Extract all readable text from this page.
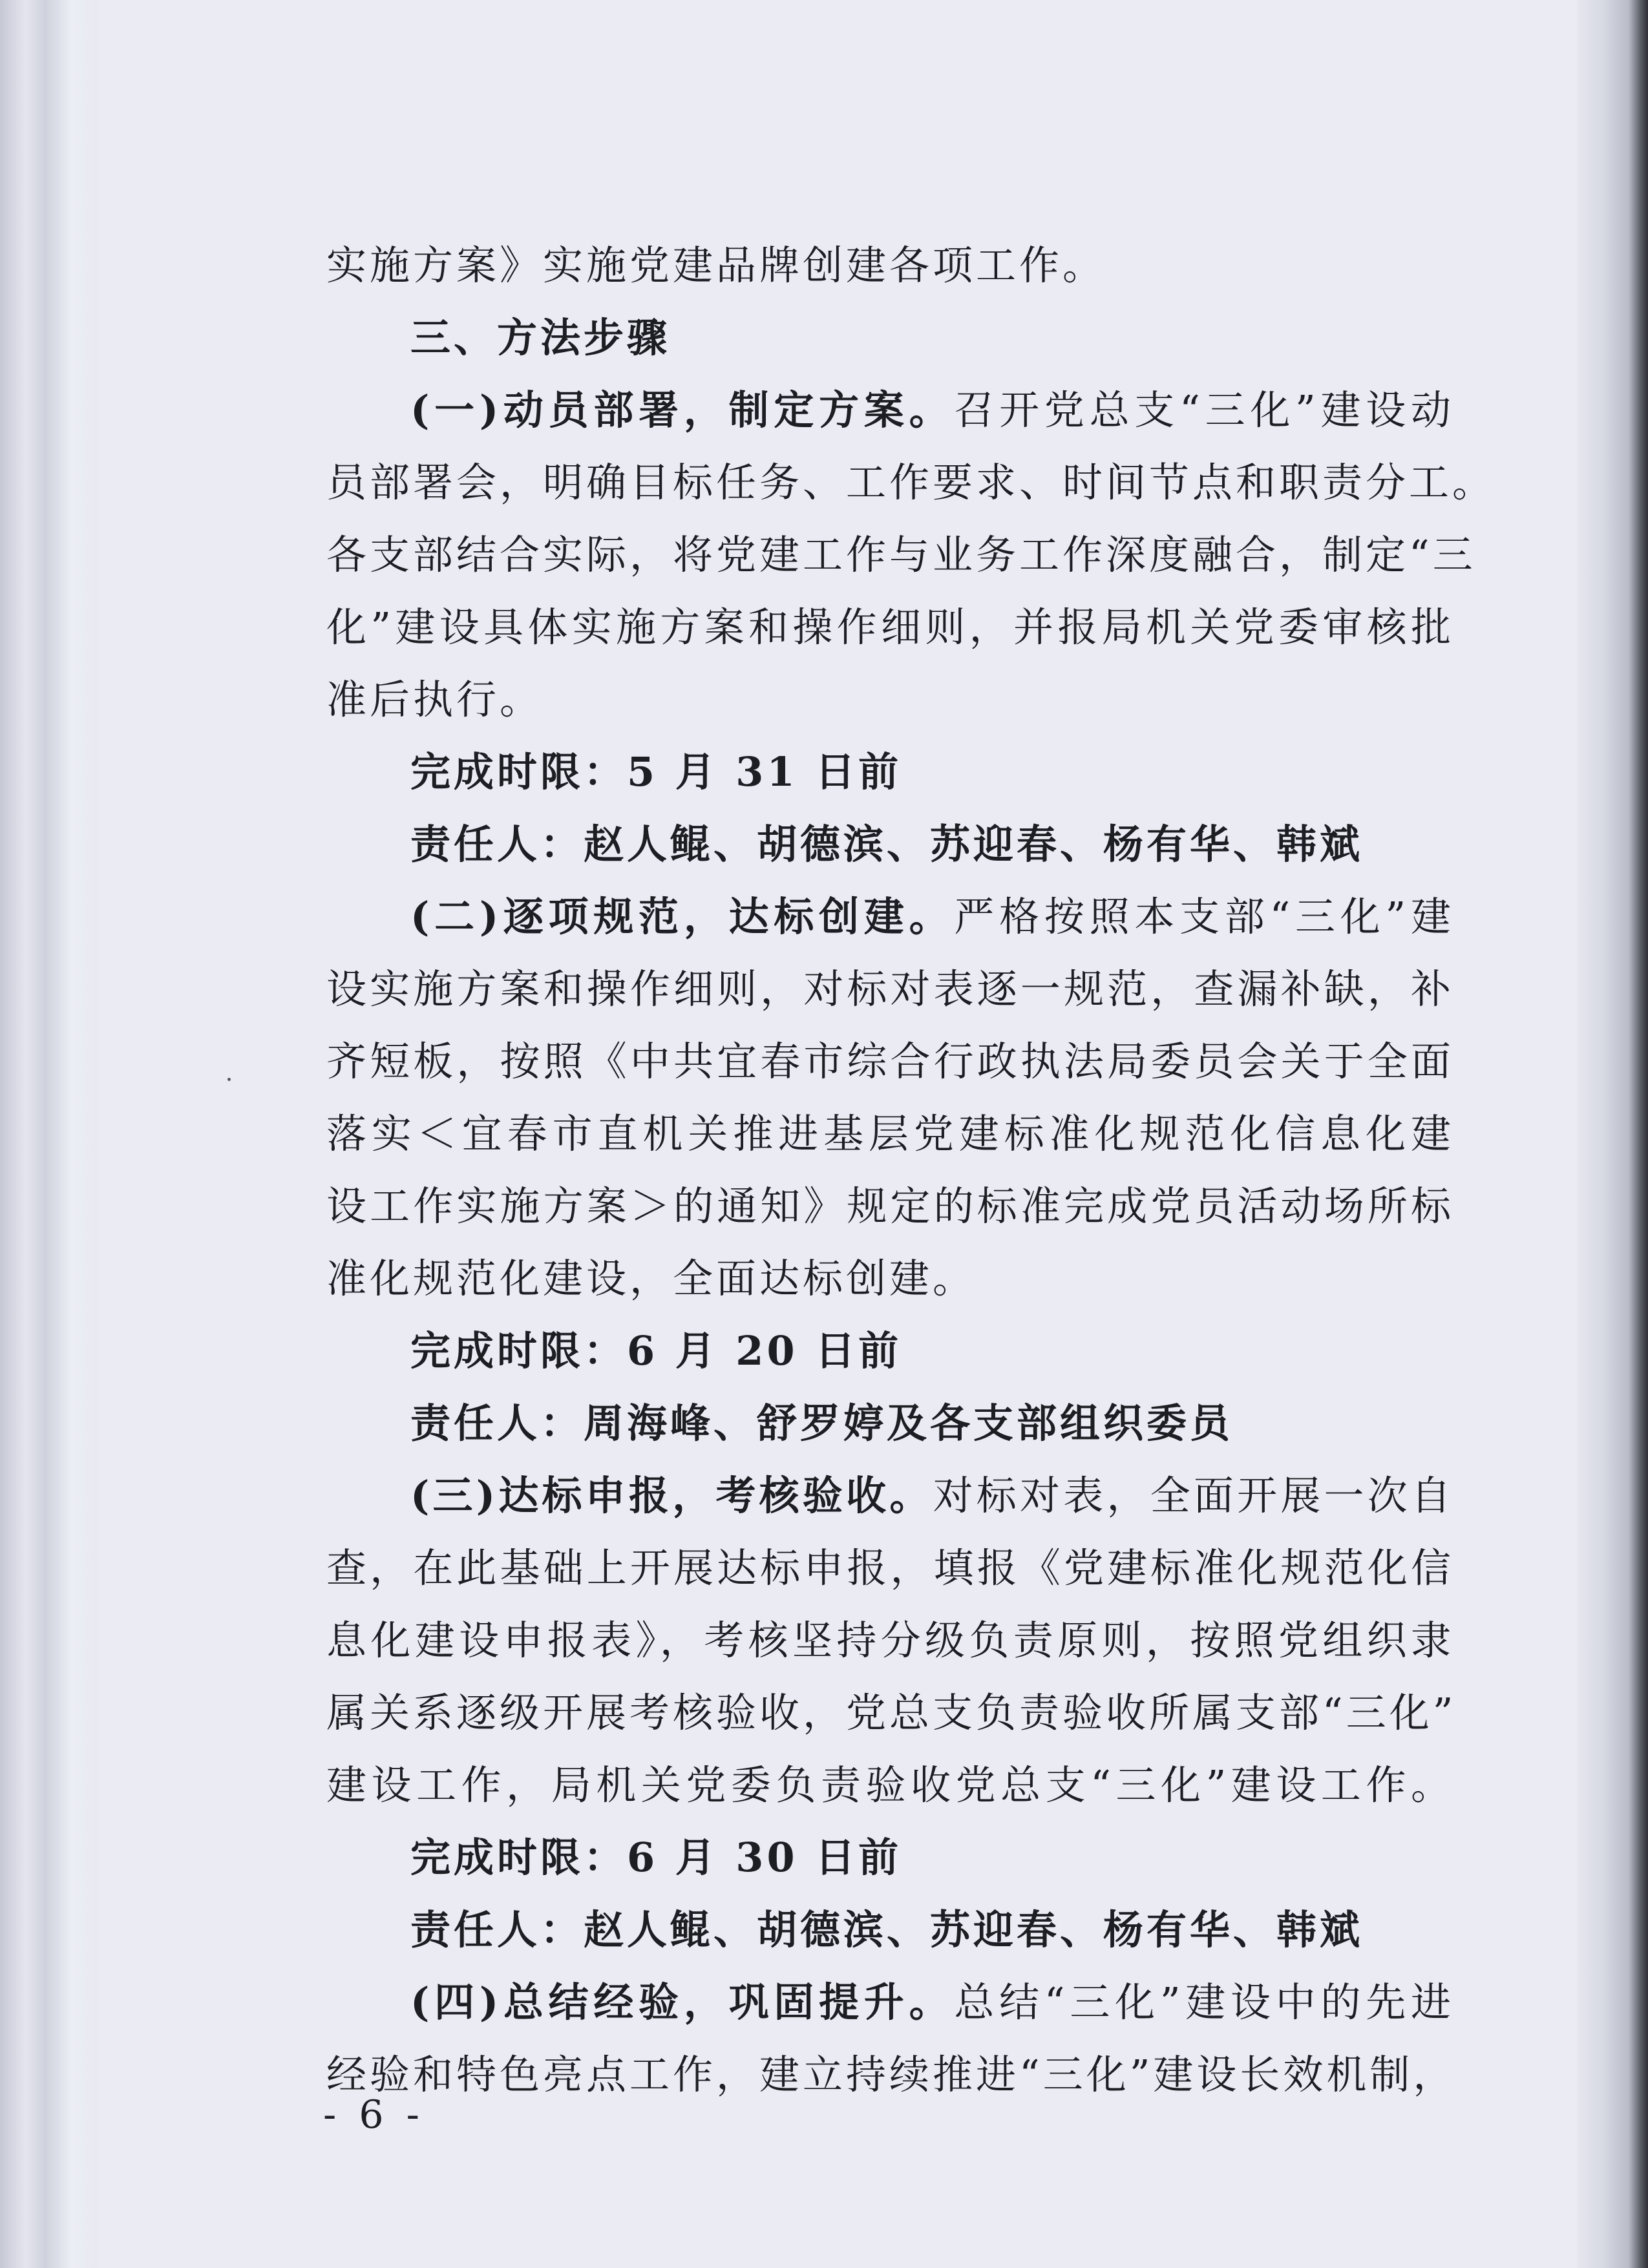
实施方案》实施党建品牌创建各项工作。
三、方法步骤
(一)动员部署，制定方案。召开党总支“三化”建设动
员部署会，明确目标任务、工作要求、时间节点和职责分工。
各支部结合实际，将党建工作与业务工作深度融合，制定“三
化”建设具体实施方案和操作细则，并报局机关党委审核批
准后执行。
完成时限：5 月 31 日前
责任人：赵人鲲、胡德滨、苏迎春、杨有华、韩斌
(二)逐项规范，达标创建。严格按照本支部“三化”建
设实施方案和操作细则，对标对表逐一规范，查漏补缺，补
齐短板，按照《中共宜春市综合行政执法局委员会关于全面
落实＜宜春市直机关推进基层党建标准化规范化信息化建
设工作实施方案＞的通知》规定的标准完成党员活动场所标
准化规范化建设，全面达标创建。
完成时限：6 月 20 日前
责任人：周海峰、舒罗婷及各支部组织委员
(三)达标申报，考核验收。对标对表，全面开展一次自
查，在此基础上开展达标申报，填报《党建标准化规范化信
息化建设申报表》，考核坚持分级负责原则，按照党组织隶
属关系逐级开展考核验收，党总支负责验收所属支部“三化”
建设工作，局机关党委负责验收党总支“三化”建设工作。
完成时限：6 月 30 日前
责任人：赵人鲲、胡德滨、苏迎春、杨有华、韩斌
(四)总结经验，巩固提升。总结“三化”建设中的先进
经验和特色亮点工作，建立持续推进“三化”建设长效机制，
- 6 -
